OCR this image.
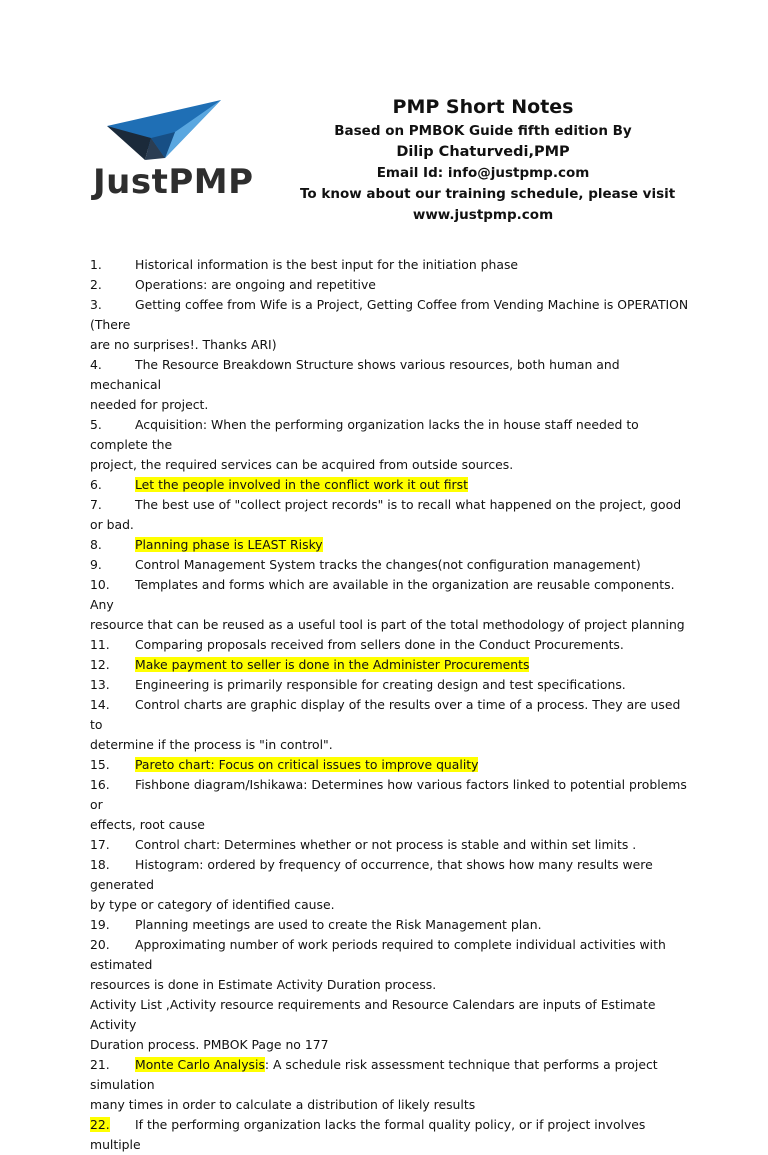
JustPMP
PMP Short Notes
Based on PMBOK Guide fifth edition By
Dilip Chaturvedi,PMP
Email Id: info@justpmp.com
To know about our training schedule, please visit
www.justpmp.com
1.	Historical information is the best input for the initiation phase
2.	Operations: are ongoing and repetitive
3.	Getting coffee from Wife is a Project, Getting Coffee from Vending Machine is OPERATION (There
are no surprises!. Thanks ARI)
4.	The Resource Breakdown Structure shows various resources, both human and mechanical
needed for project.
5.	Acquisition: When the performing organization lacks the in house staff needed to complete the
project, the required services can be acquired from outside sources.
6.	Let the people involved in the conflict work it out first
7.	The best use of "collect project records" is to recall what happened on the project, good or bad.
8.	Planning phase is LEAST Risky
9.	Control Management System tracks the changes(not configuration management)
10. Templates and forms which are available in the organization are reusable components. Any
resource that can be reused as a useful tool is part of the total methodology of project planning
11. Comparing proposals received from sellers done in the Conduct Procurements.
12. Make payment to seller is done in the Administer Procurements
13. Engineering is primarily responsible for creating design and test specifications.
14. Control charts are graphic display of the results over a time of a process. They are used to
determine if the process is "in control".
15. Pareto chart: Focus on critical issues to improve quality
16. Fishbone diagram/Ishikawa: Determines how various factors linked to potential problems or
effects, root cause
17. Control chart: Determines whether or not process is stable and within set limits .
18. Histogram: ordered by frequency of occurrence, that shows how many results were generated
by type or category of identified cause.
19. Planning meetings are used to create the Risk Management plan.
20. Approximating number of work periods required to complete individual activities with estimated
resources is done in Estimate Activity Duration process.
Activity List ,Activity resource requirements and Resource Calendars are inputs of Estimate Activity
Duration process. PMBOK Page no 177
21. Monte Carlo Analysis: A schedule risk assessment technique that performs a project simulation
many times in order to calculate a distribution of likely results
22. If the performing organization lacks the formal quality policy, or if project involves multiple
